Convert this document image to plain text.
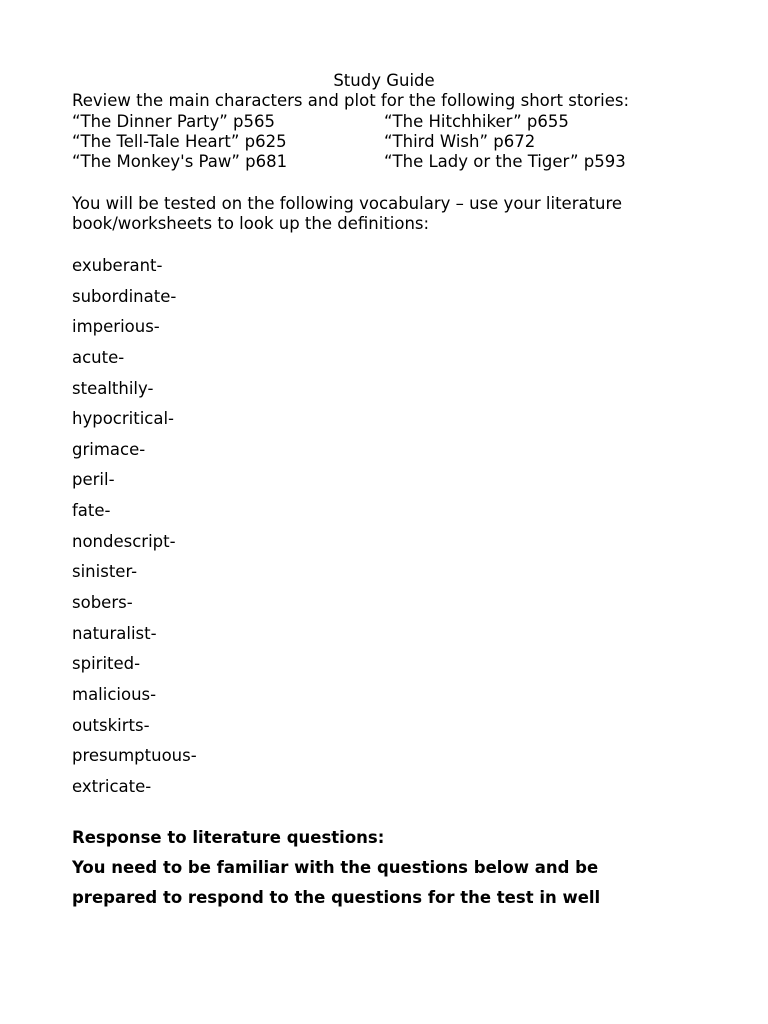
Study Guide
Review the main characters and plot for the following short stories:
“The Dinner Party” p565	“The Hitchhiker” p655
“The Tell-Tale Heart” p625	“Third Wish” p672
“The Monkey's Paw” p681	“The Lady or the Tiger” p593
You will be tested on the following vocabulary – use your literature
book/worksheets to look up the definitions:
exuberant-
subordinate-
imperious-
acute-
stealthily-
hypocritical-
grimace-
peril-
fate-
nondescript-
sinister-
sobers-
naturalist-
spirited-
malicious-
outskirts-
presumptuous-
extricate-
Response to literature questions:
You need to be familiar with the questions below and be
prepared to respond to the questions for the test in well
